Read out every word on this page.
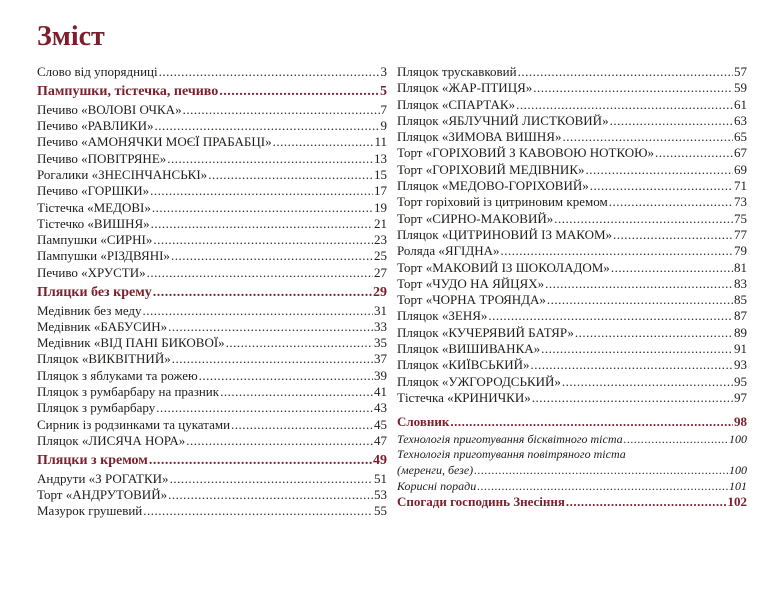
Зміст
Слово від упорядниці .....	3
Пампушки, тістечка, печиво .....	5
Печиво «ВОЛОВІ ОЧКА» .....	7
Печиво «РАВЛИКИ» .....	9
Печиво «АМОНЯЧКИ МОЄЇ ПРАБАБЦІ» .....	11
Печиво «ПОВІТРЯНЕ» .....	13
Рогалики «ЗНЕСІНЧАНСЬКІ» .....	15
Печиво «ГОРШКИ» .....	17
Тістечка «МЕДОВІ» .....	19
Тістечко «ВИШНЯ» .....	21
Пампушки «СИРНІ» .....	23
Пампушки «РІЗДВЯНІ» .....	25
Печиво «ХРУСТИ» .....	27
Пляцки без крему .....	29
Медівник без меду .....	31
Медівник «БАБУСИН» .....	33
Медівник «ВІД ПАНІ БИКОВОЇ» .....	35
Пляцок «ВИКВІТНИЙ» .....	37
Пляцок з яблуками та рожею .....	39
Пляцок з румбарбару на празник .....	41
Пляцок з румбарбару .....	43
Сирник із родзинками та цукатами .....	45
Пляцок «ЛИСЯЧА НОРА» .....	47
Пляцки з кремом .....	49
Андрути «З РОГАТКИ» .....	51
Торт «АНДРУТОВИЙ» .....	53
Мазурок грушевий .....	55
Пляцок трускавковий .....	57
Пляцок «ЖАР-ПТИЦЯ» .....	59
Пляцок «СПАРТАК» .....	61
Пляцок «ЯБЛУЧНИЙ ЛИСТКОВИЙ» .....	63
Пляцок «ЗИМОВА ВИШНЯ» .....	65
Торт «ГОРІХОВИЙ З КАВОВОЮ НОТКОЮ» .....	67
Торт «ГОРІХОВИЙ МЕДІВНИК» .....	69
Пляцок «МЕДОВО-ГОРІХОВИЙ» .....	71
Торт горіховий із цитриновим кремом .....	73
Торт «СИРНО-МАКОВИЙ» .....	75
Пляцок «ЦИТРИНОВИЙ ІЗ МАКОМ» .....	77
Роляда «ЯГІДНА» .....	79
Торт «МАКОВИЙ ІЗ ШОКОЛАДОМ» .....	81
Торт «ЧУДО НА ЯЙЦЯХ» .....	83
Торт «ЧОРНА ТРОЯНДА» .....	85
Пляцок «ЗЕНЯ» .....	87
Пляцок «КУЧЕРЯВИЙ БАТЯР» .....	89
Пляцок «ВИШИВАНКА» .....	91
Пляцок «КИЇВСЬКИЙ» .....	93
Пляцок «УЖГОРОДСЬКИЙ» .....	95
Тістечка «КРИНИЧКИ» .....	97
Словник .....	98
Технологія приготування бісквітного тіста .....	100
Технологія приготування повітряного тіста
(меренги, безе) .....	100
Корисні поради .....	101
Спогади господинь Знесіння .....	102
